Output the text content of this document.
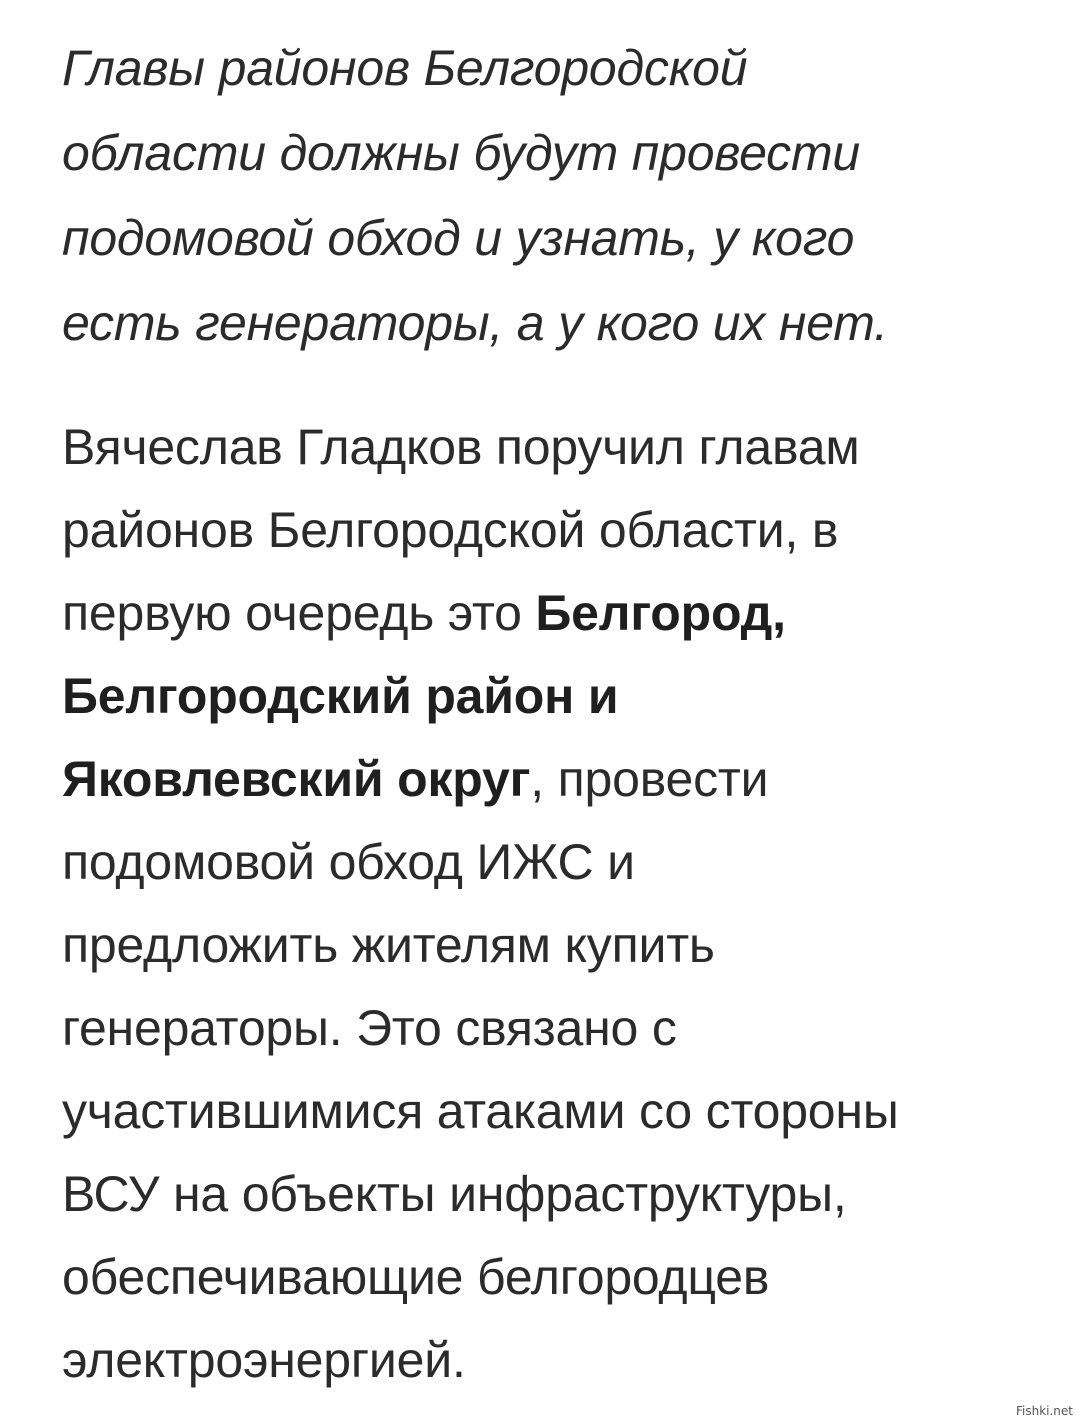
Главы районов Белгородской
области должны будут провести
подомовой обход и узнать, у кого
есть генераторы, а у кого их нет.

Вячеслав Гладков поручил главам
районов Белгородской области, в
первую очередь это Белгород,
Белгородский район и
Яковлевский округ, провести
подомовой обход ИЖС и
предложить жителям купить
генераторы. Это связано с
участившимися атаками со стороны
ВСУ на объекты инфраструктуры,
обеспечивающие белгородцев
электроэнергией.

Fishki.net
